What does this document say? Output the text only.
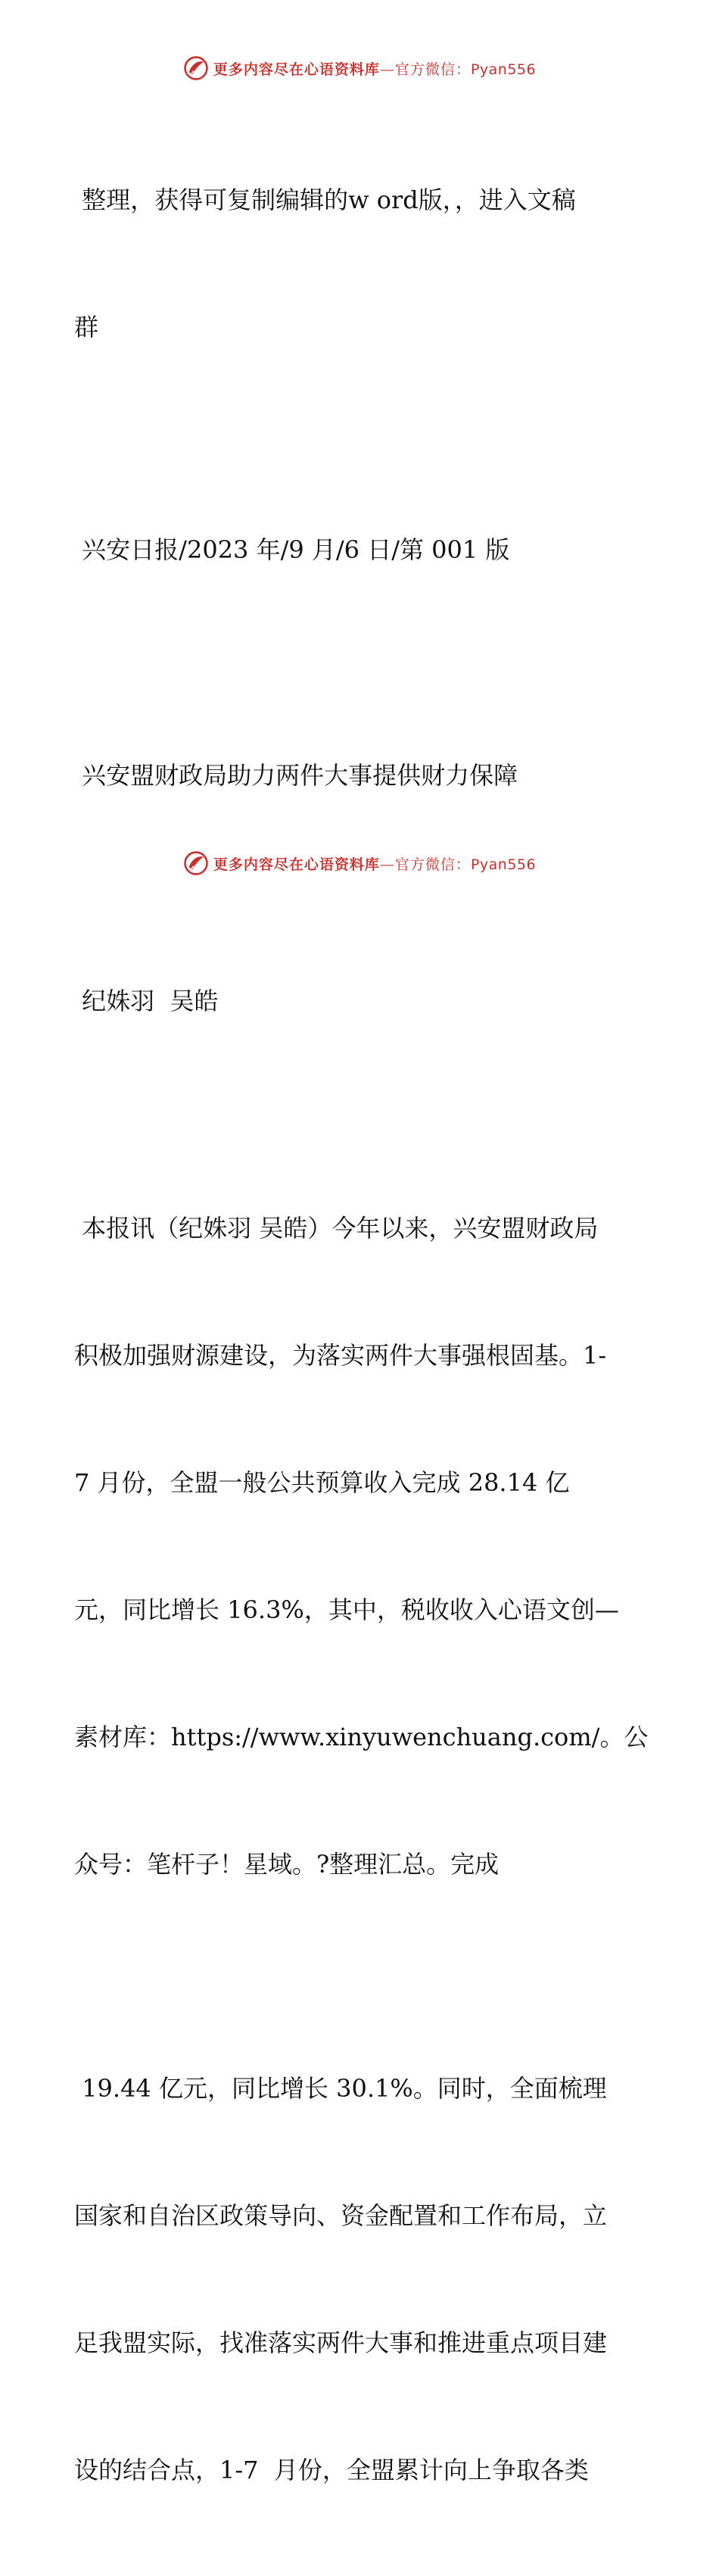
更多内容尽在心语资料库—官方微信：Pyan556

整理，获得可复制编辑的w ord版，，进入文稿

群

兴安日报/2023 年/9 月/6 日/第 001 版

兴安盟财政局助力两件大事提供财力保障

纪姝羽  吴皓

本报讯（纪姝羽 吴皓）今年以来，兴安盟财政局

积极加强财源建设，为落实两件大事强根固基。1-

7 月份，全盟一般公共预算收入完成 28.14 亿

元，同比增长 16.3%，其中，税收收入心语文创—

素材库：https://www.xinyuwenchuang.com/。公

众号：笔杆子！星域。?整理汇总。完成

19.44 亿元，同比增长 30.1%。同时，全面梳理

国家和自治区政策导向、资金配置和工作布局，立

足我盟实际，找准落实两件大事和推进重点项目建

设的结合点，1-7  月份，全盟累计向上争取各类

更多内容尽在心语资料库—官方微信：Pyan556
